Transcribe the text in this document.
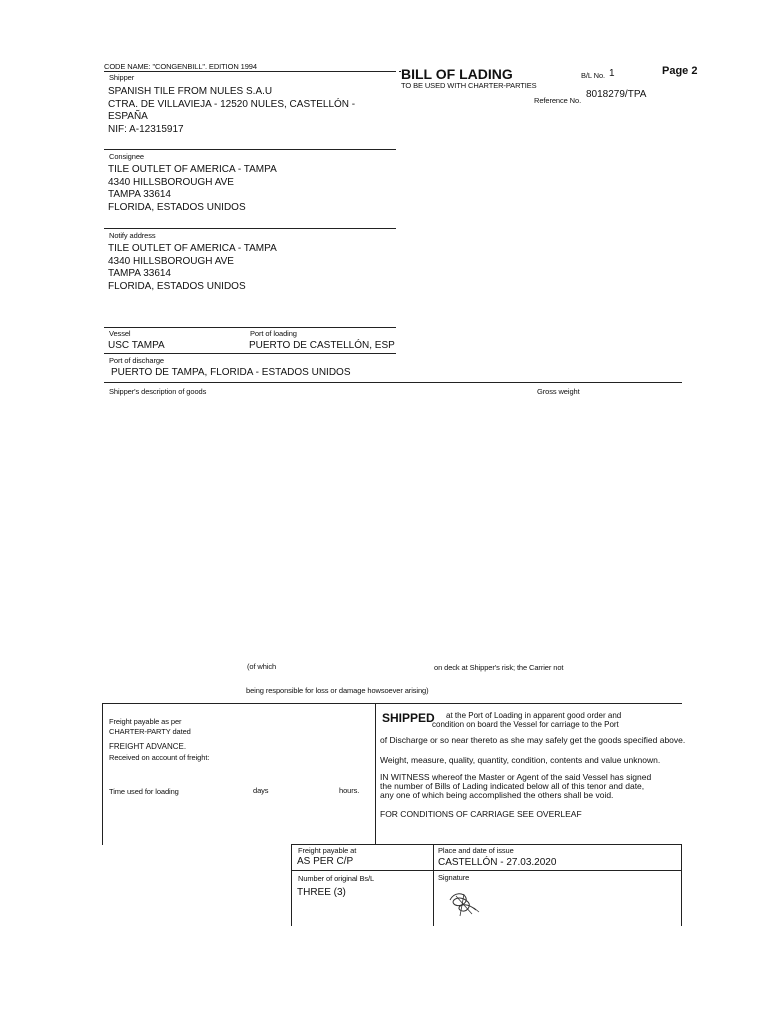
CODE NAME: "CONGENBILL". EDITION 1994	BILL OF LADING
TO BE USED WITH CHARTER-PARTIES
B/L No. 1	Page 2
8018279/TPA
Reference No.
Shipper
SPANISH TILE FROM NULES S.A.U
CTRA. DE VILLAVIEJA - 12520 NULES, CASTELLÓN -
ESPAÑA
NIF: A-12315917
Consignee
TILE OUTLET OF AMERICA - TAMPA
4340 HILLSBOROUGH AVE
TAMPA 33614
FLORIDA, ESTADOS UNIDOS
Notify address
TILE OUTLET OF AMERICA - TAMPA
4340 HILLSBOROUGH AVE
TAMPA 33614
FLORIDA, ESTADOS UNIDOS
Vessel	Port of loading
USC TAMPA	PUERTO DE CASTELLÓN, ESP
Port of discharge
PUERTO DE TAMPA, FLORIDA - ESTADOS UNIDOS
Shipper's description of goods	Gross weight
(of which	on deck at Shipper's risk; the Carrier not
being responsible for loss or damage howsoever arising)
Freight payable as per
CHARTER-PARTY dated
FREIGHT ADVANCE.
Received on account of freight:
Time used for loading	days	hours.
SHIPPED at the Port of Loading in apparent good order and
condition on board the Vessel for carriage to the Port
of Discharge or so near thereto as she may safely get the goods specified above.
Weight, measure, quality, quantity, condition, contents and value unknown.
IN WITNESS whereof the Master or Agent of the said Vessel has signed
the number of Bills of Lading indicated below all of this tenor and date,
any one of which being accomplished the others shall be void.
FOR CONDITIONS OF CARRIAGE SEE OVERLEAF
Freight payable at
AS PER C/P
Place and date of issue
CASTELLÓN - 27.03.2020
Number of original Bs/L
THREE (3)
Signature
